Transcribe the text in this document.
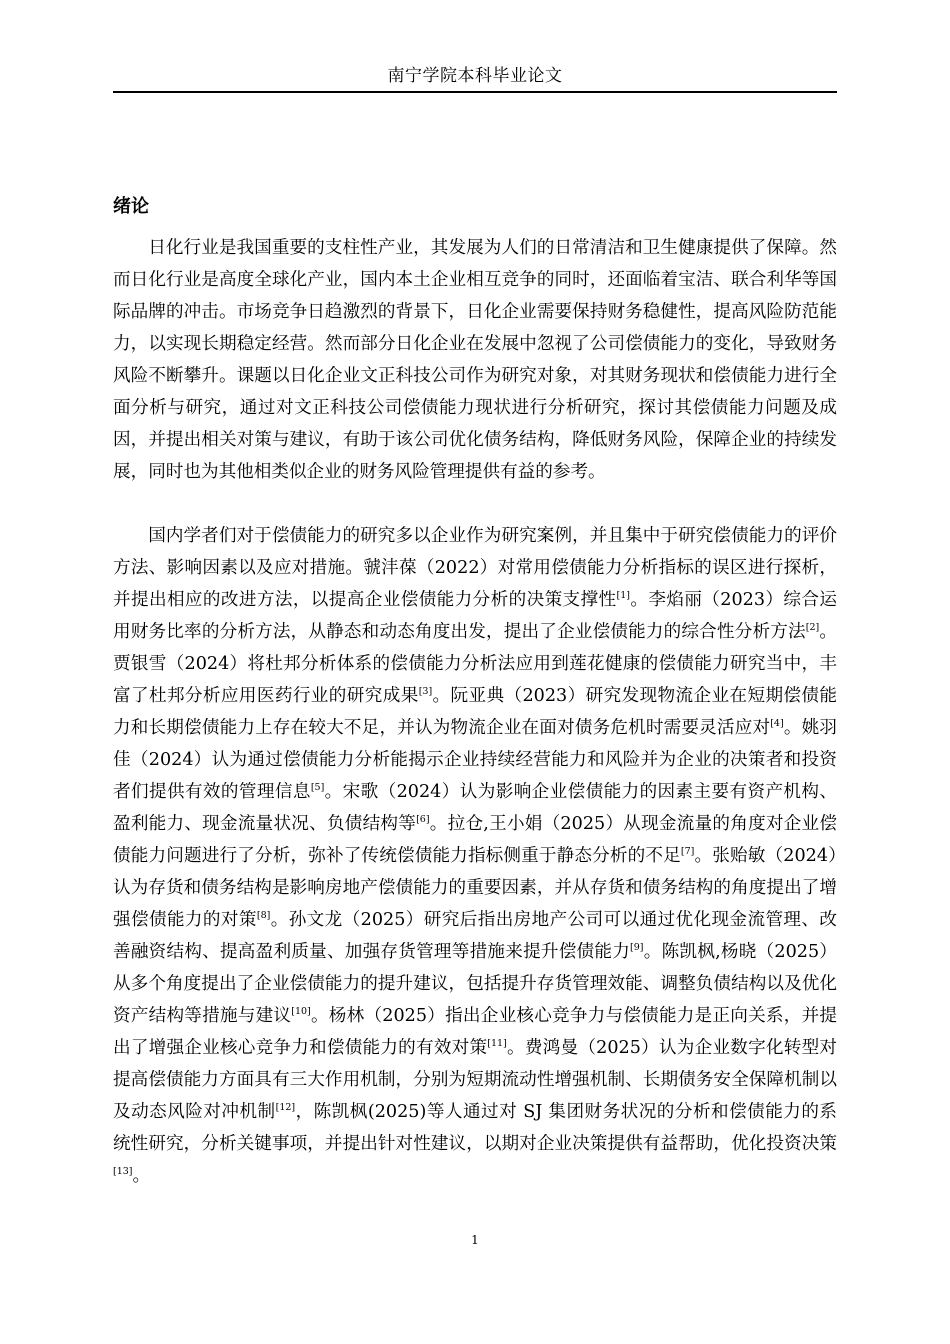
南宁学院本科毕业论文
绪论

日化行业是我国重要的支柱性产业，其发展为人们的日常清洁和卫生健康提供了保障。然而日化行业是高度全球化产业，国内本土企业相互竞争的同时，还面临着宝洁、联合利华等国际品牌的冲击。市场竞争日趋激烈的背景下，日化企业需要保持财务稳健性，提高风险防范能力，以实现长期稳定经营。然而部分日化企业在发展中忽视了公司偿债能力的变化，导致财务风险不断攀升。课题以日化企业文正科技公司作为研究对象，对其财务现状和偿债能力进行全面分析与研究，通过对文正科技公司偿债能力现状进行分析研究，探讨其偿债能力问题及成因，并提出相关对策与建议，有助于该公司优化债务结构，降低财务风险，保障企业的持续发展，同时也为其他相类似企业的财务风险管理提供有益的参考。

国内学者们对于偿债能力的研究多以企业作为研究案例，并且集中于研究偿债能力的评价方法、影响因素以及应对措施。虢沣葆（2022）对常用偿债能力分析指标的误区进行探析，并提出相应的改进方法，以提高企业偿债能力分析的决策支撑性[1]。李焰丽（2023）综合运用财务比率的分析方法，从静态和动态角度出发，提出了企业偿债能力的综合性分析方法[2]。贾银雪（2024）将杜邦分析体系的偿债能力分析法应用到莲花健康的偿债能力研究当中，丰富了杜邦分析应用医药行业的研究成果[3]。阮亚典（2023）研究发现物流企业在短期偿债能力和长期偿债能力上存在较大不足，并认为物流企业在面对债务危机时需要灵活应对[4]。姚羽佳（2024）认为通过偿债能力分析能揭示企业持续经营能力和风险并为企业的决策者和投资者们提供有效的管理信息[5]。宋歌（2024）认为影响企业偿债能力的因素主要有资产机构、盈利能力、现金流量状况、负债结构等[6]。拉仓,王小娟（2025）从现金流量的角度对企业偿债能力问题进行了分析，弥补了传统偿债能力指标侧重于静态分析的不足[7]。张贻敏（2024）认为存货和债务结构是影响房地产偿债能力的重要因素，并从存货和债务结构的角度提出了增强偿债能力的对策[8]。孙文龙（2025）研究后指出房地产公司可以通过优化现金流管理、改善融资结构、提高盈利质量、加强存货管理等措施来提升偿债能力[9]。陈凯枫,杨晓（2025）从多个角度提出了企业偿债能力的提升建议，包括提升存货管理效能、调整负债结构以及优化资产结构等措施与建议[10]。杨林（2025）指出企业核心竞争力与偿债能力是正向关系，并提出了增强企业核心竞争力和偿债能力的有效对策[11]。费鸿曼（2025）认为企业数字化转型对提高偿债能力方面具有三大作用机制，分别为短期流动性增强机制、长期债务安全保障机制以及动态风险对冲机制[12]，陈凯枫(2025)等人通过对 SJ 集团财务状况的分析和偿债能力的系统性研究，分析关键事项，并提出针对性建议，以期对企业决策提供有益帮助，优化投资决策[13]。

1
